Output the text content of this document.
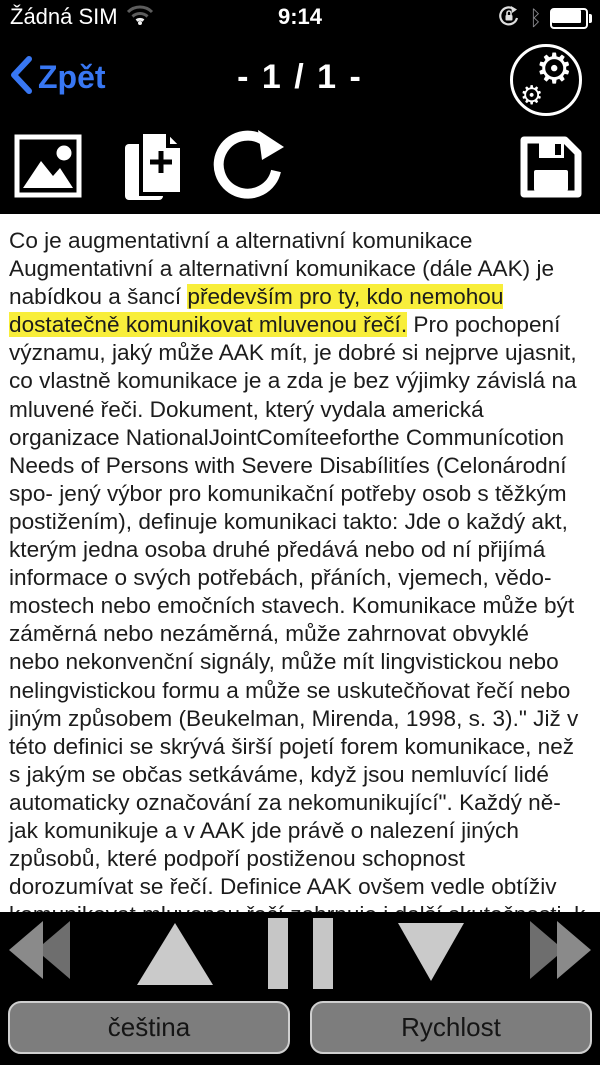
Žádná SIM	9:14	ᛒ
Zpět	- 1 / 1 -	⚙
⚙
Co je augmentativní a alternativní komunikace
Augmentativní a alternativní komunikace (dále AAK) je
nabídkou a šancí především pro ty, kdo nemohou
dostatečně komunikovat mluvenou řečí. Pro pochopení
významu, jaký může AAK mít, je dobré si nejprve ujasnit,
co vlastně komunikace je a zda je bez výjimky závislá na
mluvené řeči. Dokument, který vydala americká
organizace NationalJointComíteeforthe Communícotion
Needs of Persons with Severe Disabílitíes (Celonárodní
spo- jený výbor pro komunikační potřeby osob s těžkým
postižením), definuje komunikaci takto: Jde o každý akt,
kterým jedna osoba druhé předává nebo od ní přijímá
informace o svých potřebách, přáních, vjemech, vědo-
mostech nebo emočních stavech. Komunikace může být
záměrná nebo nezáměrná, může zahrnovat obvyklé
nebo nekonvenční signály, může mít lingvistickou nebo
nelingvistickou formu a může se uskutečňovat řečí nebo
jiným způsobem (Beukelman, Mirenda, 1998, s. 3)." Již v
této definici se skrývá širší pojetí forem komunikace, než
s jakým se občas setkáváme, když jsou nemluvící lidé
automaticky označování za nekomunikující". Každý ně-
jak komunikuje a v AAK jde právě o nalezení jiných
způsobů, které podpoří postiženou schopnost
dorozumívat se řečí. Definice AAK ovšem vedle obtíživ
čeština	Rychlost
